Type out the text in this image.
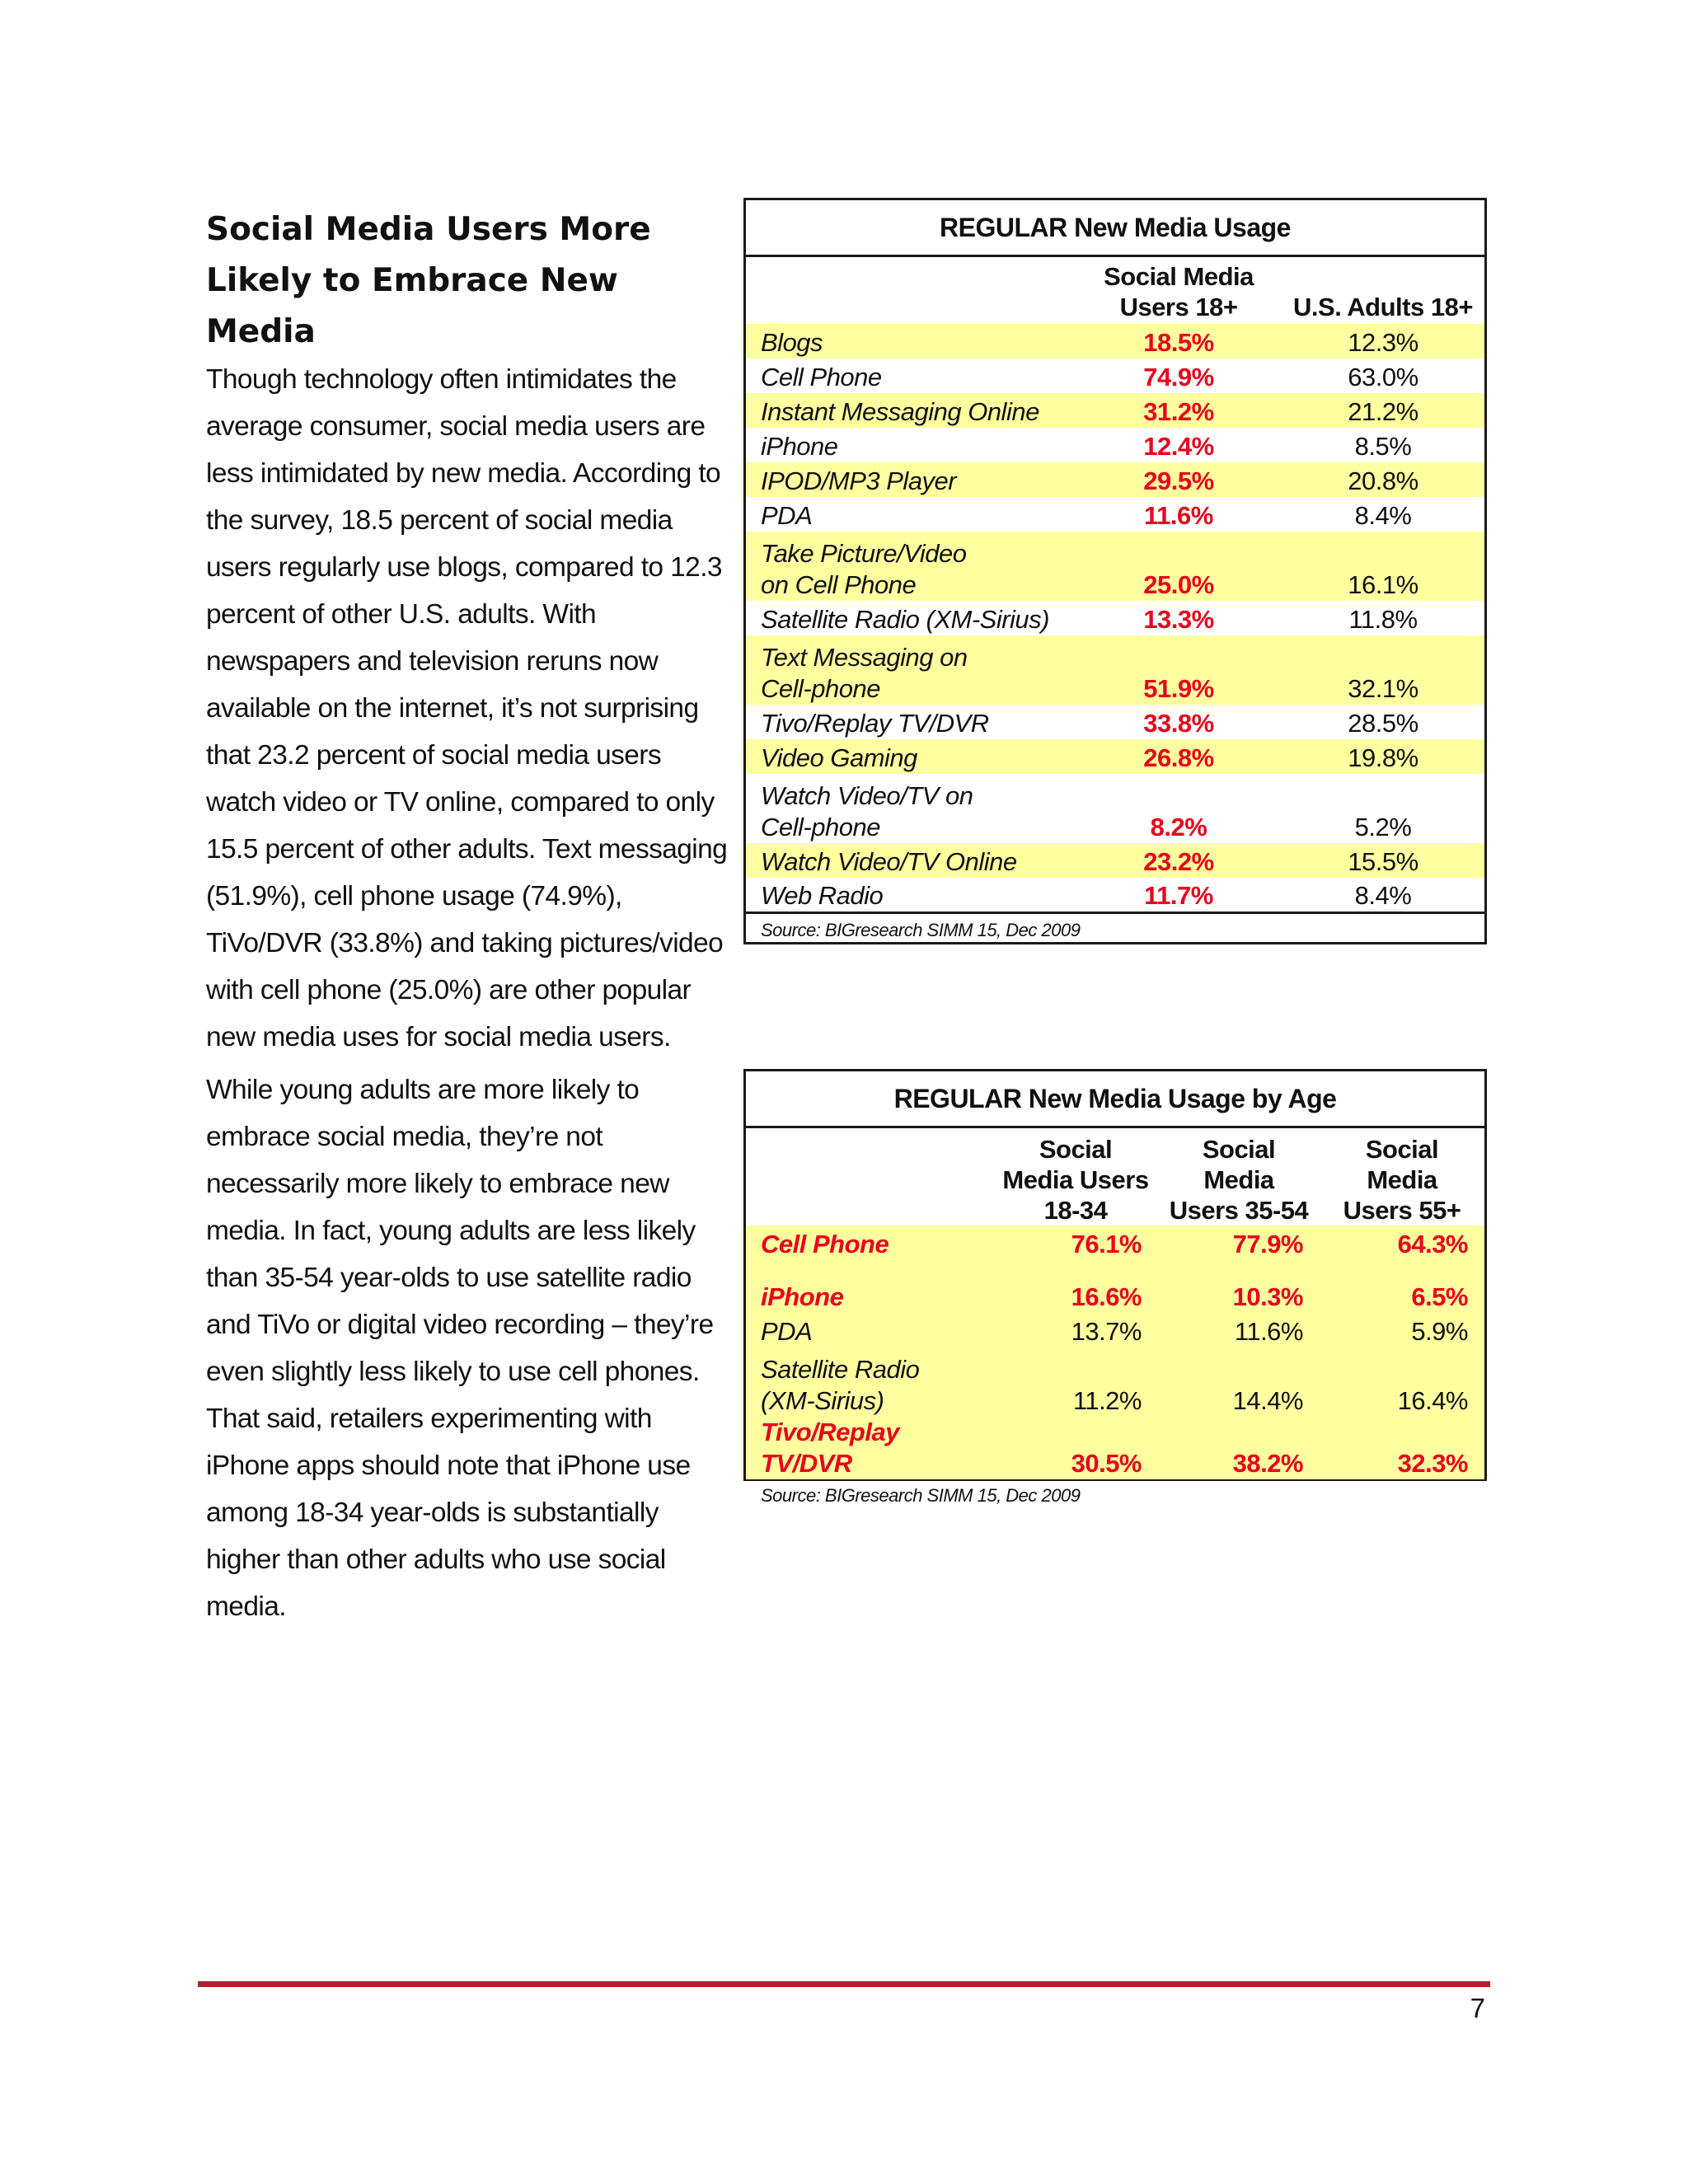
Social Media Users More Likely to Embrace New Media

Though technology often intimidates the average consumer, social media users are less intimidated by new media. According to the survey, 18.5 percent of social media users regularly use blogs, compared to 12.3 percent of other U.S. adults. With newspapers and television reruns now available on the internet, it’s not surprising that 23.2 percent of social media users watch video or TV online, compared to only 15.5 percent of other adults. Text messaging (51.9%), cell phone usage (74.9%), TiVo/DVR (33.8%) and taking pictures/video with cell phone (25.0%) are other popular new media uses for social media users.

While young adults are more likely to embrace social media, they’re not necessarily more likely to embrace new media. In fact, young adults are less likely than 35-54 year-olds to use satellite radio and TiVo or digital video recording – they’re even slightly less likely to use cell phones. That said, retailers experimenting with iPhone apps should note that iPhone use among 18-34 year-olds is substantially higher than other adults who use social media.

REGULAR New Media Usage
	Social Media Users 18+	U.S. Adults 18+
Blogs	18.5%	12.3%
Cell Phone	74.9%	63.0%
Instant Messaging Online	31.2%	21.2%
iPhone	12.4%	8.5%
IPOD/MP3 Player	29.5%	20.8%
PDA	11.6%	8.4%
Take Picture/Video on Cell Phone	25.0%	16.1%
Satellite Radio (XM-Sirius)	13.3%	11.8%
Text Messaging on Cell-phone	51.9%	32.1%
Tivo/Replay TV/DVR	33.8%	28.5%
Video Gaming	26.8%	19.8%
Watch Video/TV on Cell-phone	8.2%	5.2%
Watch Video/TV Online	23.2%	15.5%
Web Radio	11.7%	8.4%
Source: BIGresearch SIMM 15, Dec 2009		
REGULAR New Media Usage by Age
	Social Media Users 18-34	Social Media Users 35-54	Social Media Users 55+
Cell Phone	76.1%	77.9%	64.3%
iPhone	16.6%	10.3%	6.5%
PDA	13.7%	11.6%	5.9%
Satellite Radio (XM-Sirius)	11.2%	14.4%	16.4%
Tivo/Replay TV/DVR	30.5%	38.2%	32.3%
Source: BIGresearch SIMM 15, Dec 2009			
7
